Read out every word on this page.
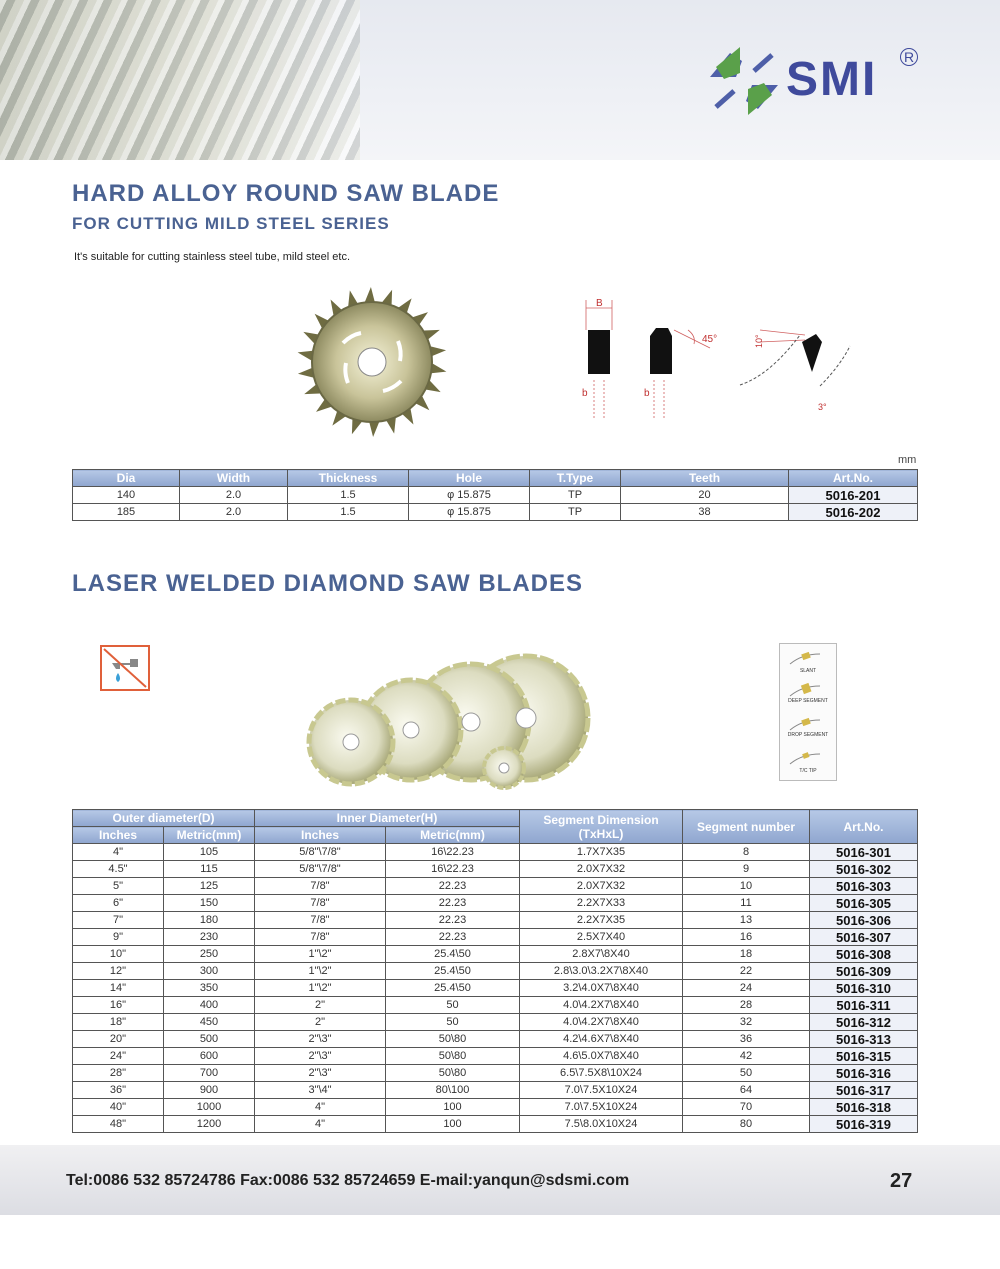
SMI R
HARD ALLOY ROUND SAW BLADE
FOR CUTTING MILD STEEL SERIES
It's suitable for cutting stainless steel tube, mild steel etc.
B
b	b
45°	10°
3°
mm
Dia	Width	Thickness	Hole	T.Type	Teeth	Art.No.
140	2.0	1.5	φ 15.875	TP	20	5016-201
185	2.0	1.5	φ 15.875	TP	38	5016-202
LASER WELDED DIAMOND SAW BLADES
SLANT
DEEP SEGMENT
DROP SEGMENT
T/C TIP
Outer diameter(D)		Inner Diameter(H)		Segment Dimension
(TxHxL)	Segment number	Art.No.
Inches	Metric(mm)	Inches	Metric(mm)			
4"	105	5/8"\7/8"	16\22.23	1.7X7X35	8	5016-301
4.5"	115	5/8"\7/8"	16\22.23	2.0X7X32	9	5016-302
5"	125	7/8"	22.23	2.0X7X32	10	5016-303
6"	150	7/8"	22.23	2.2X7X33	11	5016-305
7"	180	7/8"	22.23	2.2X7X35	13	5016-306
9"	230	7/8"	22.23	2.5X7X40	16	5016-307
10"	250	1"\2"	25.4\50	2.8X7\8X40	18	5016-308
12"	300	1"\2"	25.4\50	2.8\3.0\3.2X7\8X40	22	5016-309
14"	350	1"\2"	25.4\50	3.2\4.0X7\8X40	24	5016-310
16"	400	2"	50	4.0\4.2X7\8X40	28	5016-311
18"	450	2"	50	4.0\4.2X7\8X40	32	5016-312
20"	500	2"\3"	50\80	4.2\4.6X7\8X40	36	5016-313
24"	600	2"\3"	50\80	4.6\5.0X7\8X40	42	5016-315
28"	700	2"\3"	50\80	6.5\7.5X8\10X24	50	5016-316
36"	900	3"\4"	80\100	7.0\7.5X10X24	64	5016-317
40"	1000	4"	100	7.0\7.5X10X24	70	5016-318
48"	1200	4"	100	7.5\8.0X10X24	80	5016-319
Tel:0086 532 85724786 Fax:0086 532 85724659 E-mail:yanqun@sdsmi.com	27
